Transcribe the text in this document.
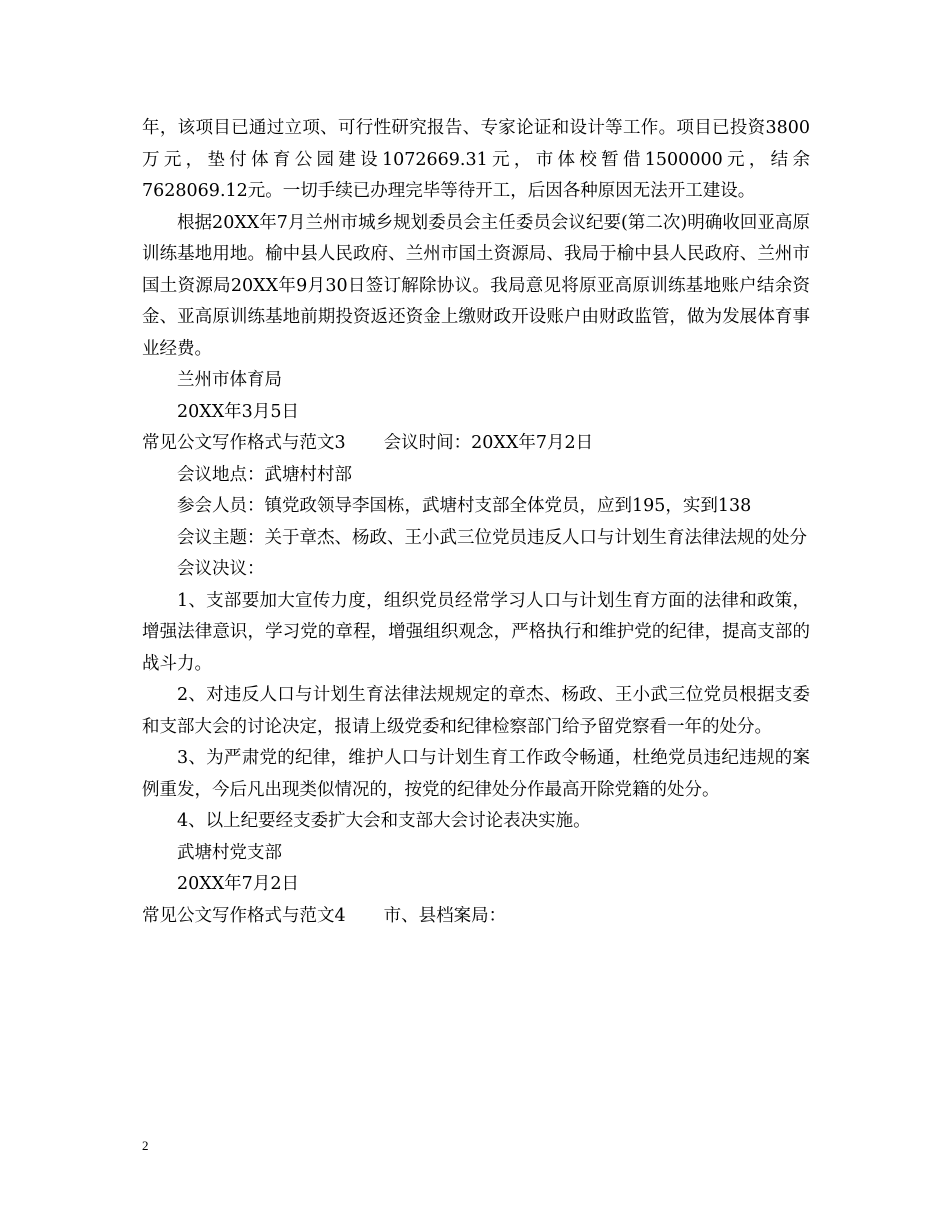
年，该项目已通过立项、可行性研究报告、专家论证和设计等工作。项目已投资3800万元，垫付体育公园建设1072669.31元，市体校暂借1500000元，结余7628069.12元。一切手续已办理完毕等待开工，后因各种原因无法开工建设。

根据20XX年7月兰州市城乡规划委员会主任委员会议纪要(第二次)明确收回亚高原训练基地用地。榆中县人民政府、兰州市国土资源局、我局于榆中县人民政府、兰州市国土资源局20XX年9月30日签订解除协议。我局意见将原亚高原训练基地账户结余资金、亚高原训练基地前期投资返还资金上缴财政开设账户由财政监管，做为发展体育事业经费。

兰州市体育局

20XX年3月5日

常见公文写作格式与范文3 会议时间：20XX年7月2日

会议地点：武塘村村部

参会人员：镇党政领导李国栋，武塘村支部全体党员，应到195，实到138

会议主题：关于章杰、杨政、王小武三位党员违反人口与计划生育法律法规的处分

会议决议：

1、支部要加大宣传力度，组织党员经常学习人口与计划生育方面的法律和政策，增强法律意识，学习党的章程，增强组织观念，严格执行和维护党的纪律，提高支部的战斗力。

2、对违反人口与计划生育法律法规规定的章杰、杨政、王小武三位党员根据支委和支部大会的讨论决定，报请上级党委和纪律检察部门给予留党察看一年的处分。

3、为严肃党的纪律，维护人口与计划生育工作政令畅通，杜绝党员违纪违规的案例重发，今后凡出现类似情况的，按党的纪律处分作最高开除党籍的处分。

4、以上纪要经支委扩大会和支部大会讨论表决实施。

武塘村党支部

20XX年7月2日

常见公文写作格式与范文4 市、县档案局：

2
